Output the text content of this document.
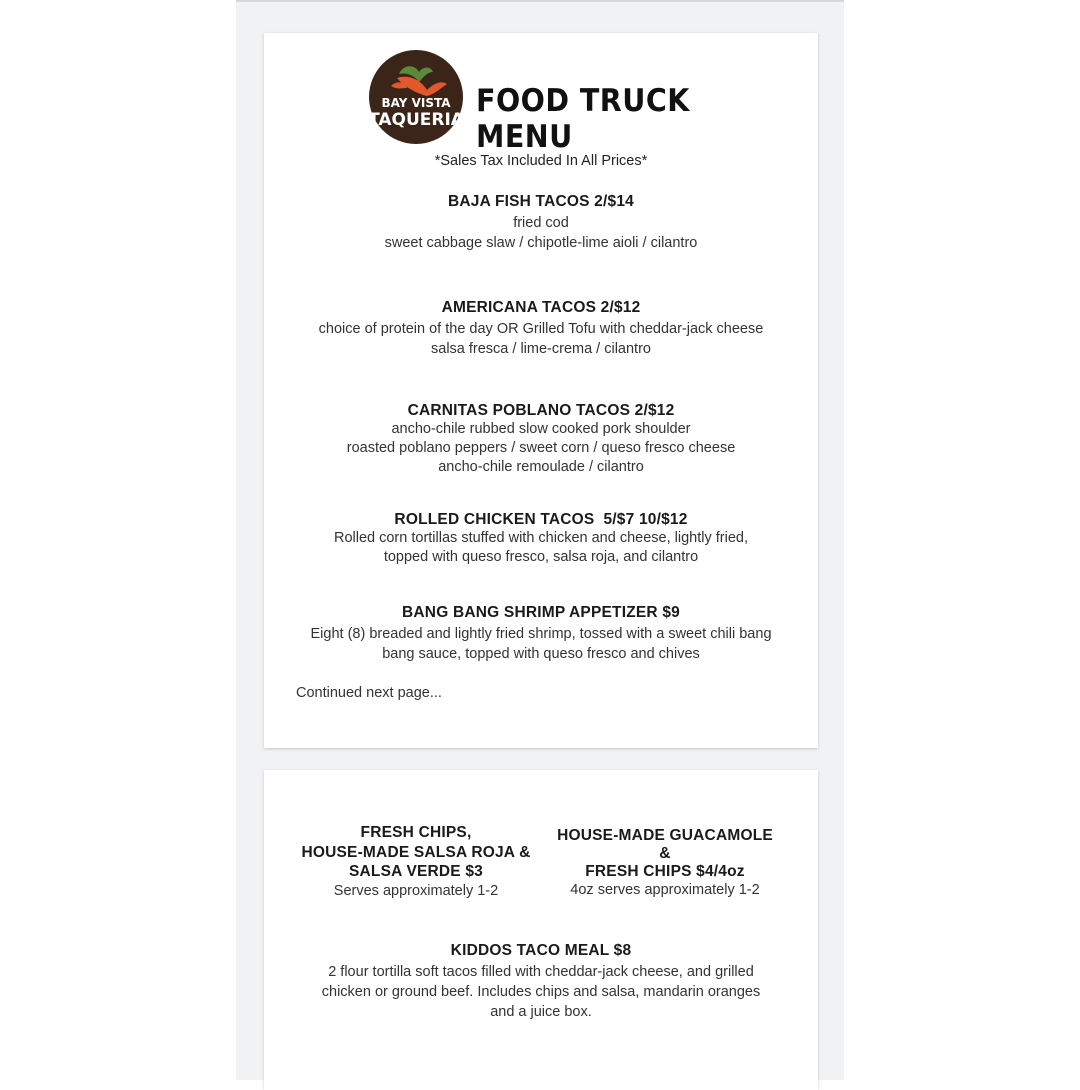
BAY VISTA
TAQUERIA
FOOD TRUCK MENU
*Sales Tax Included In All Prices*
BAJA FISH TACOS 2/$14
fried cod
sweet cabbage slaw / chipotle-lime aioli / cilantro
AMERICANA TACOS 2/$12
choice of protein of the day OR Grilled Tofu with cheddar-jack cheese
salsa fresca / lime-crema / cilantro
CARNITAS POBLANO TACOS 2/$12
ancho-chile rubbed slow cooked pork shoulder
roasted poblano peppers / sweet corn / queso fresco cheese
ancho-chile remoulade / cilantro
ROLLED CHICKEN TACOS  5/$7 10/$12
Rolled corn tortillas stuffed with chicken and cheese, lightly fried,
topped with queso fresco, salsa roja, and cilantro
BANG BANG SHRIMP APPETIZER $9
Eight (8) breaded and lightly fried shrimp, tossed with a sweet chili bang
bang sauce, topped with queso fresco and chives
Continued next page...
FRESH CHIPS,
HOUSE-MADE SALSA ROJA &
SALSA VERDE $3
Serves approximately 1-2
HOUSE-MADE GUACAMOLE
&
FRESH CHIPS $4/4oz
4oz serves approximately 1-2
KIDDOS TACO MEAL $8
2 flour tortilla soft tacos filled with cheddar-jack cheese, and grilled
chicken or ground beef. Includes chips and salsa, mandarin oranges
and a juice box.
